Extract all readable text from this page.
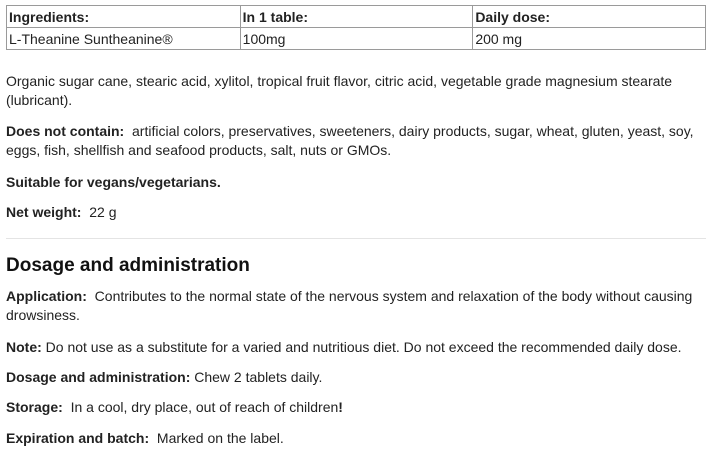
Ingredients:	In 1 table:	Daily dose:
L-Theanine Suntheanine®	100mg	200 mg

Organic sugar cane, stearic acid, xylitol, tropical fruit flavor, citric acid, vegetable grade magnesium stearate (lubricant).

Does not contain: artificial colors, preservatives, sweeteners, dairy products, sugar, wheat, gluten, yeast, soy, eggs, fish, shellfish and seafood products, salt, nuts or GMOs.

Suitable for vegans/vegetarians.

Net weight: 22 g

Dosage and administration

Application: Contributes to the normal state of the nervous system and relaxation of the body without causing drowsiness.

Note: Do not use as a substitute for a varied and nutritious diet. Do not exceed the recommended daily dose.

Dosage and administration: Chew 2 tablets daily.

Storage: In a cool, dry place, out of reach of children!

Expiration and batch: Marked on the label.
